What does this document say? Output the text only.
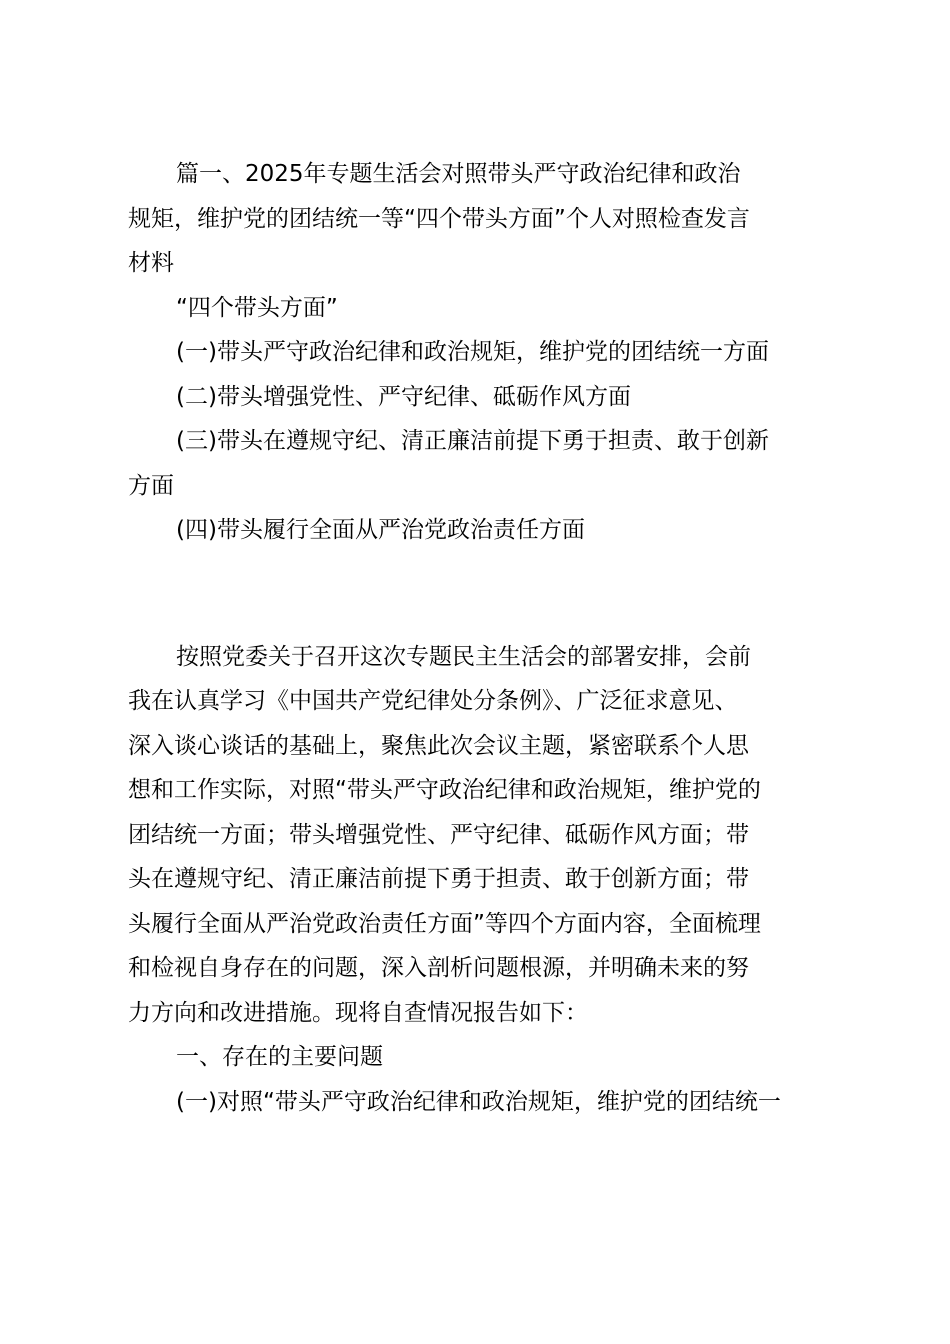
篇一、2025年专题生活会对照带头严守政治纪律和政治
规矩，维护党的团结统一等“四个带头方面”个人对照检查发言
材料
“四个带头方面”
(一)带头严守政治纪律和政治规矩，维护党的团结统一方面
(二)带头增强党性、严守纪律、砥砺作风方面
(三)带头在遵规守纪、清正廉洁前提下勇于担责、敢于创新
方面
(四)带头履行全面从严治党政治责任方面
按照党委关于召开这次专题民主生活会的部署安排，会前
我在认真学习《中国共产党纪律处分条例》、广泛征求意见、
深入谈心谈话的基础上，聚焦此次会议主题，紧密联系个人思
想和工作实际，对照“带头严守政治纪律和政治规矩，维护党的
团结统一方面；带头增强党性、严守纪律、砥砺作风方面；带
头在遵规守纪、清正廉洁前提下勇于担责、敢于创新方面；带
头履行全面从严治党政治责任方面”等四个方面内容，全面梳理
和检视自身存在的问题，深入剖析问题根源，并明确未来的努
力方向和改进措施。现将自查情况报告如下：
一、存在的主要问题
(一)对照“带头严守政治纪律和政治规矩，维护党的团结统一
